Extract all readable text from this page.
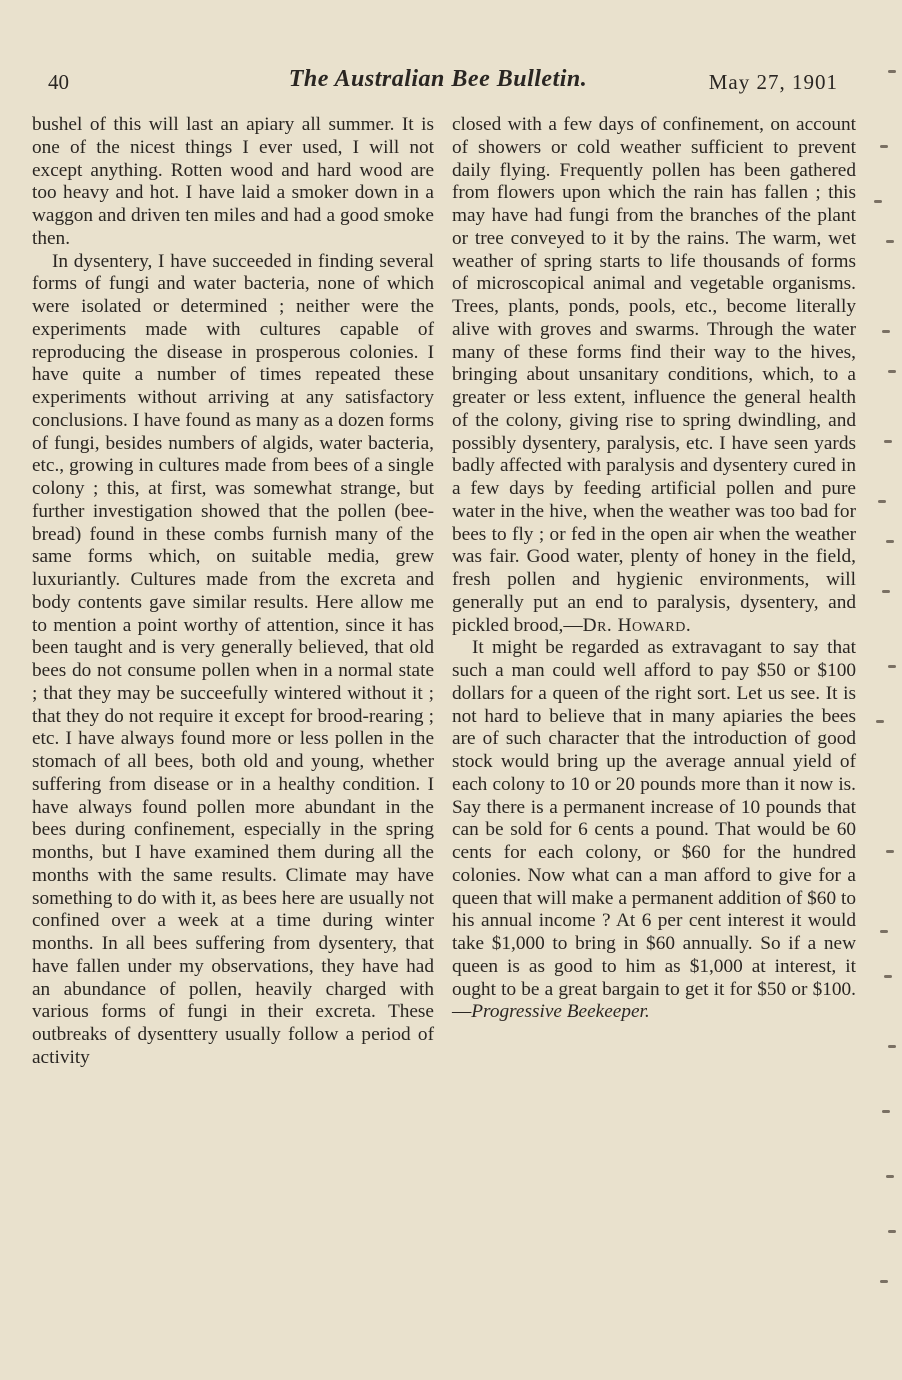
40	The Australian Bee Bulletin.	May 27, 1901

bushel of this will last an apiary all summer. It is one of the nicest things I ever used, I will not except anything. Rotten wood and hard wood are too heavy and hot. I have laid a smoker down in a waggon and driven ten miles and had a good smoke then.

In dysentery, I have succeeded in finding several forms of fungi and water bacteria, none of which were isolated or determined ; neither were the experiments made with cultures capable of reproducing the disease in prosperous colonies. I have quite a number of times repeated these experiments without arriving at any satisfactory conclusions. I have found as many as a dozen forms of fungi, besides numbers of algids, water bacteria, etc., growing in cultures made from bees of a single colony ; this, at first, was somewhat strange, but further investigation showed that the pollen (bee-bread) found in these combs furnish many of the same forms which, on suitable media, grew luxuriantly. Cultures made from the excreta and body contents gave similar results. Here allow me to mention a point worthy of attention, since it has been taught and is very generally believed, that old bees do not consume pollen when in a normal state ; that they may be succeefully wintered without it ; that they do not require it except for brood-rearing ; etc. I have always found more or less pollen in the stomach of all bees, both old and young, whether suffering from disease or in a healthy condition. I have always found pollen more abundant in the bees during confinement, especially in the spring months, but I have examined them during all the months with the same results. Climate may have something to do with it, as bees here are usually not confined over a week at a time during winter months. In all bees suffering from dysentery, that have fallen under my observations, they have had an abundance of pollen, heavily charged with various forms of fungi in their excreta. These outbreaks of dysenttery usually follow a period of activity

closed with a few days of confinement, on account of showers or cold weather sufficient to prevent daily flying. Frequently pollen has been gathered from flowers upon which the rain has fallen ; this may have had fungi from the branches of the plant or tree conveyed to it by the rains. The warm, wet weather of spring starts to life thousands of forms of microscopical animal and vegetable organisms. Trees, plants, ponds, pools, etc., become literally alive with groves and swarms. Through the water many of these forms find their way to the hives, bringing about unsanitary conditions, which, to a greater or less extent, influence the general health of the colony, giving rise to spring dwindling, and possibly dysentery, paralysis, etc. I have seen yards badly affected with paralysis and dysentery cured in a few days by feeding artificial pollen and pure water in the hive, when the weather was too bad for bees to fly ; or fed in the open air when the weather was fair. Good water, plenty of honey in the field, fresh pollen and hygienic environments, will generally put an end to paralysis, dysentery, and pickled brood,—Dr. Howard.

It might be regarded as extravagant to say that such a man could well afford to pay $50 or $100 dollars for a queen of the right sort. Let us see. It is not hard to believe that in many apiaries the bees are of such character that the introduction of good stock would bring up the average annual yield of each colony to 10 or 20 pounds more than it now is. Say there is a permanent increase of 10 pounds that can be sold for 6 cents a pound. That would be 60 cents for each colony, or $60 for the hundred colonies. Now what can a man afford to give for a queen that will make a permanent addition of $60 to his annual income ? At 6 per cent interest it would take $1,000 to bring in $60 annually. So if a new queen is as good to him as $1,000 at interest, it ought to be a great bargain to get it for $50 or $100.—Progressive Beekeeper.
